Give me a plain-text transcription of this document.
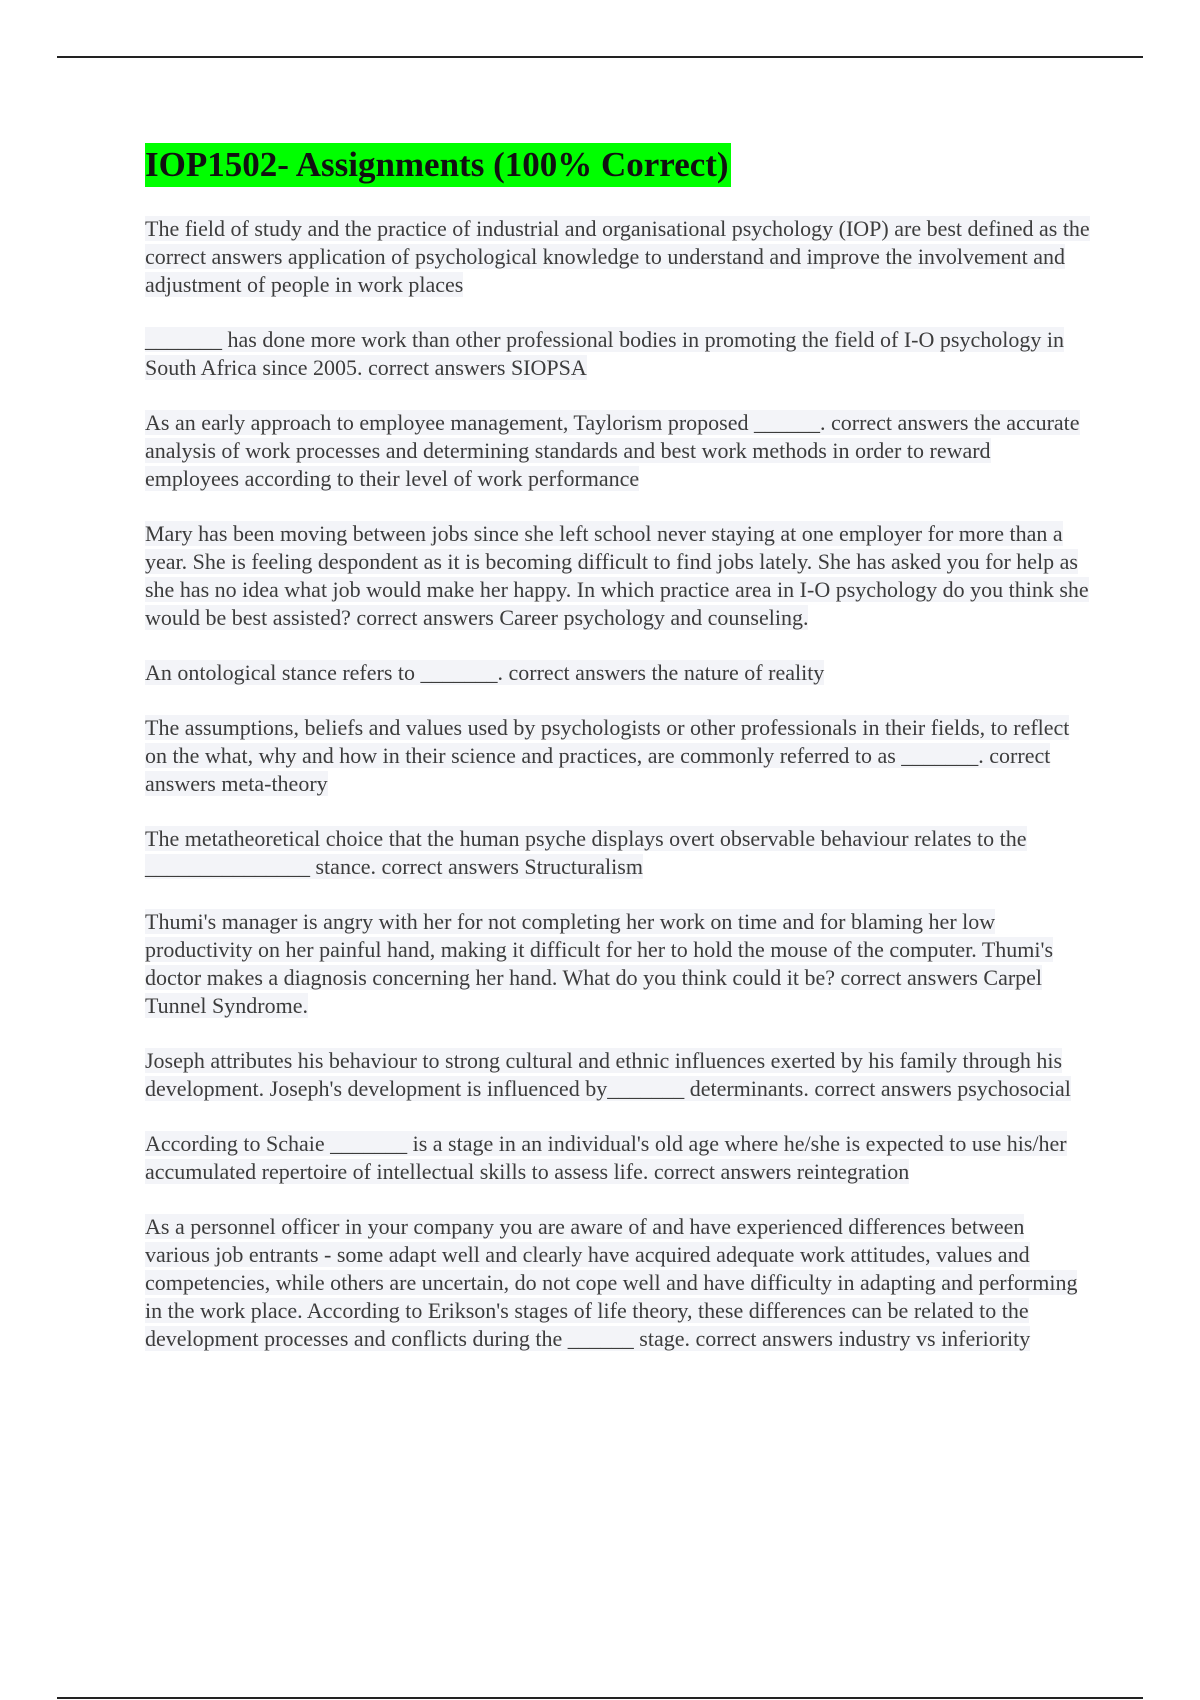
IOP1502- Assignments (100% Correct)

The field of study and the practice of industrial and organisational psychology (IOP) are best defined as the correct answers application of psychological knowledge to understand and improve the involvement and adjustment of people in work places

_______ has done more work than other professional bodies in promoting the field of I-O psychology in South Africa since 2005. correct answers SIOPSA

As an early approach to employee management, Taylorism proposed ______. correct answers the accurate analysis of work processes and determining standards and best work methods in order to reward employees according to their level of work performance

Mary has been moving between jobs since she left school never staying at one employer for more than a year. She is feeling despondent as it is becoming difficult to find jobs lately. She has asked you for help as she has no idea what job would make her happy. In which practice area in I-O psychology do you think she would be best assisted? correct answers Career psychology and counseling.

An ontological stance refers to _______. correct answers the nature of reality

The assumptions, beliefs and values used by psychologists or other professionals in their fields, to reflect on the what, why and how in their science and practices, are commonly referred to as _______. correct answers meta-theory

The metatheoretical choice that the human psyche displays overt observable behaviour relates to the _______________ stance. correct answers Structuralism

Thumi's manager is angry with her for not completing her work on time and for blaming her low productivity on her painful hand, making it difficult for her to hold the mouse of the computer. Thumi's doctor makes a diagnosis concerning her hand. What do you think could it be? correct answers Carpel Tunnel Syndrome.

Joseph attributes his behaviour to strong cultural and ethnic influences exerted by his family through his development. Joseph's development is influenced by_______ determinants. correct answers psychosocial

According to Schaie _______ is a stage in an individual's old age where he/she is expected to use his/her accumulated repertoire of intellectual skills to assess life. correct answers reintegration

As a personnel officer in your company you are aware of and have experienced differences between various job entrants - some adapt well and clearly have acquired adequate work attitudes, values and competencies, while others are uncertain, do not cope well and have difficulty in adapting and performing in the work place. According to Erikson's stages of life theory, these differences can be related to the development processes and conflicts during the ______ stage. correct answers industry vs inferiority
